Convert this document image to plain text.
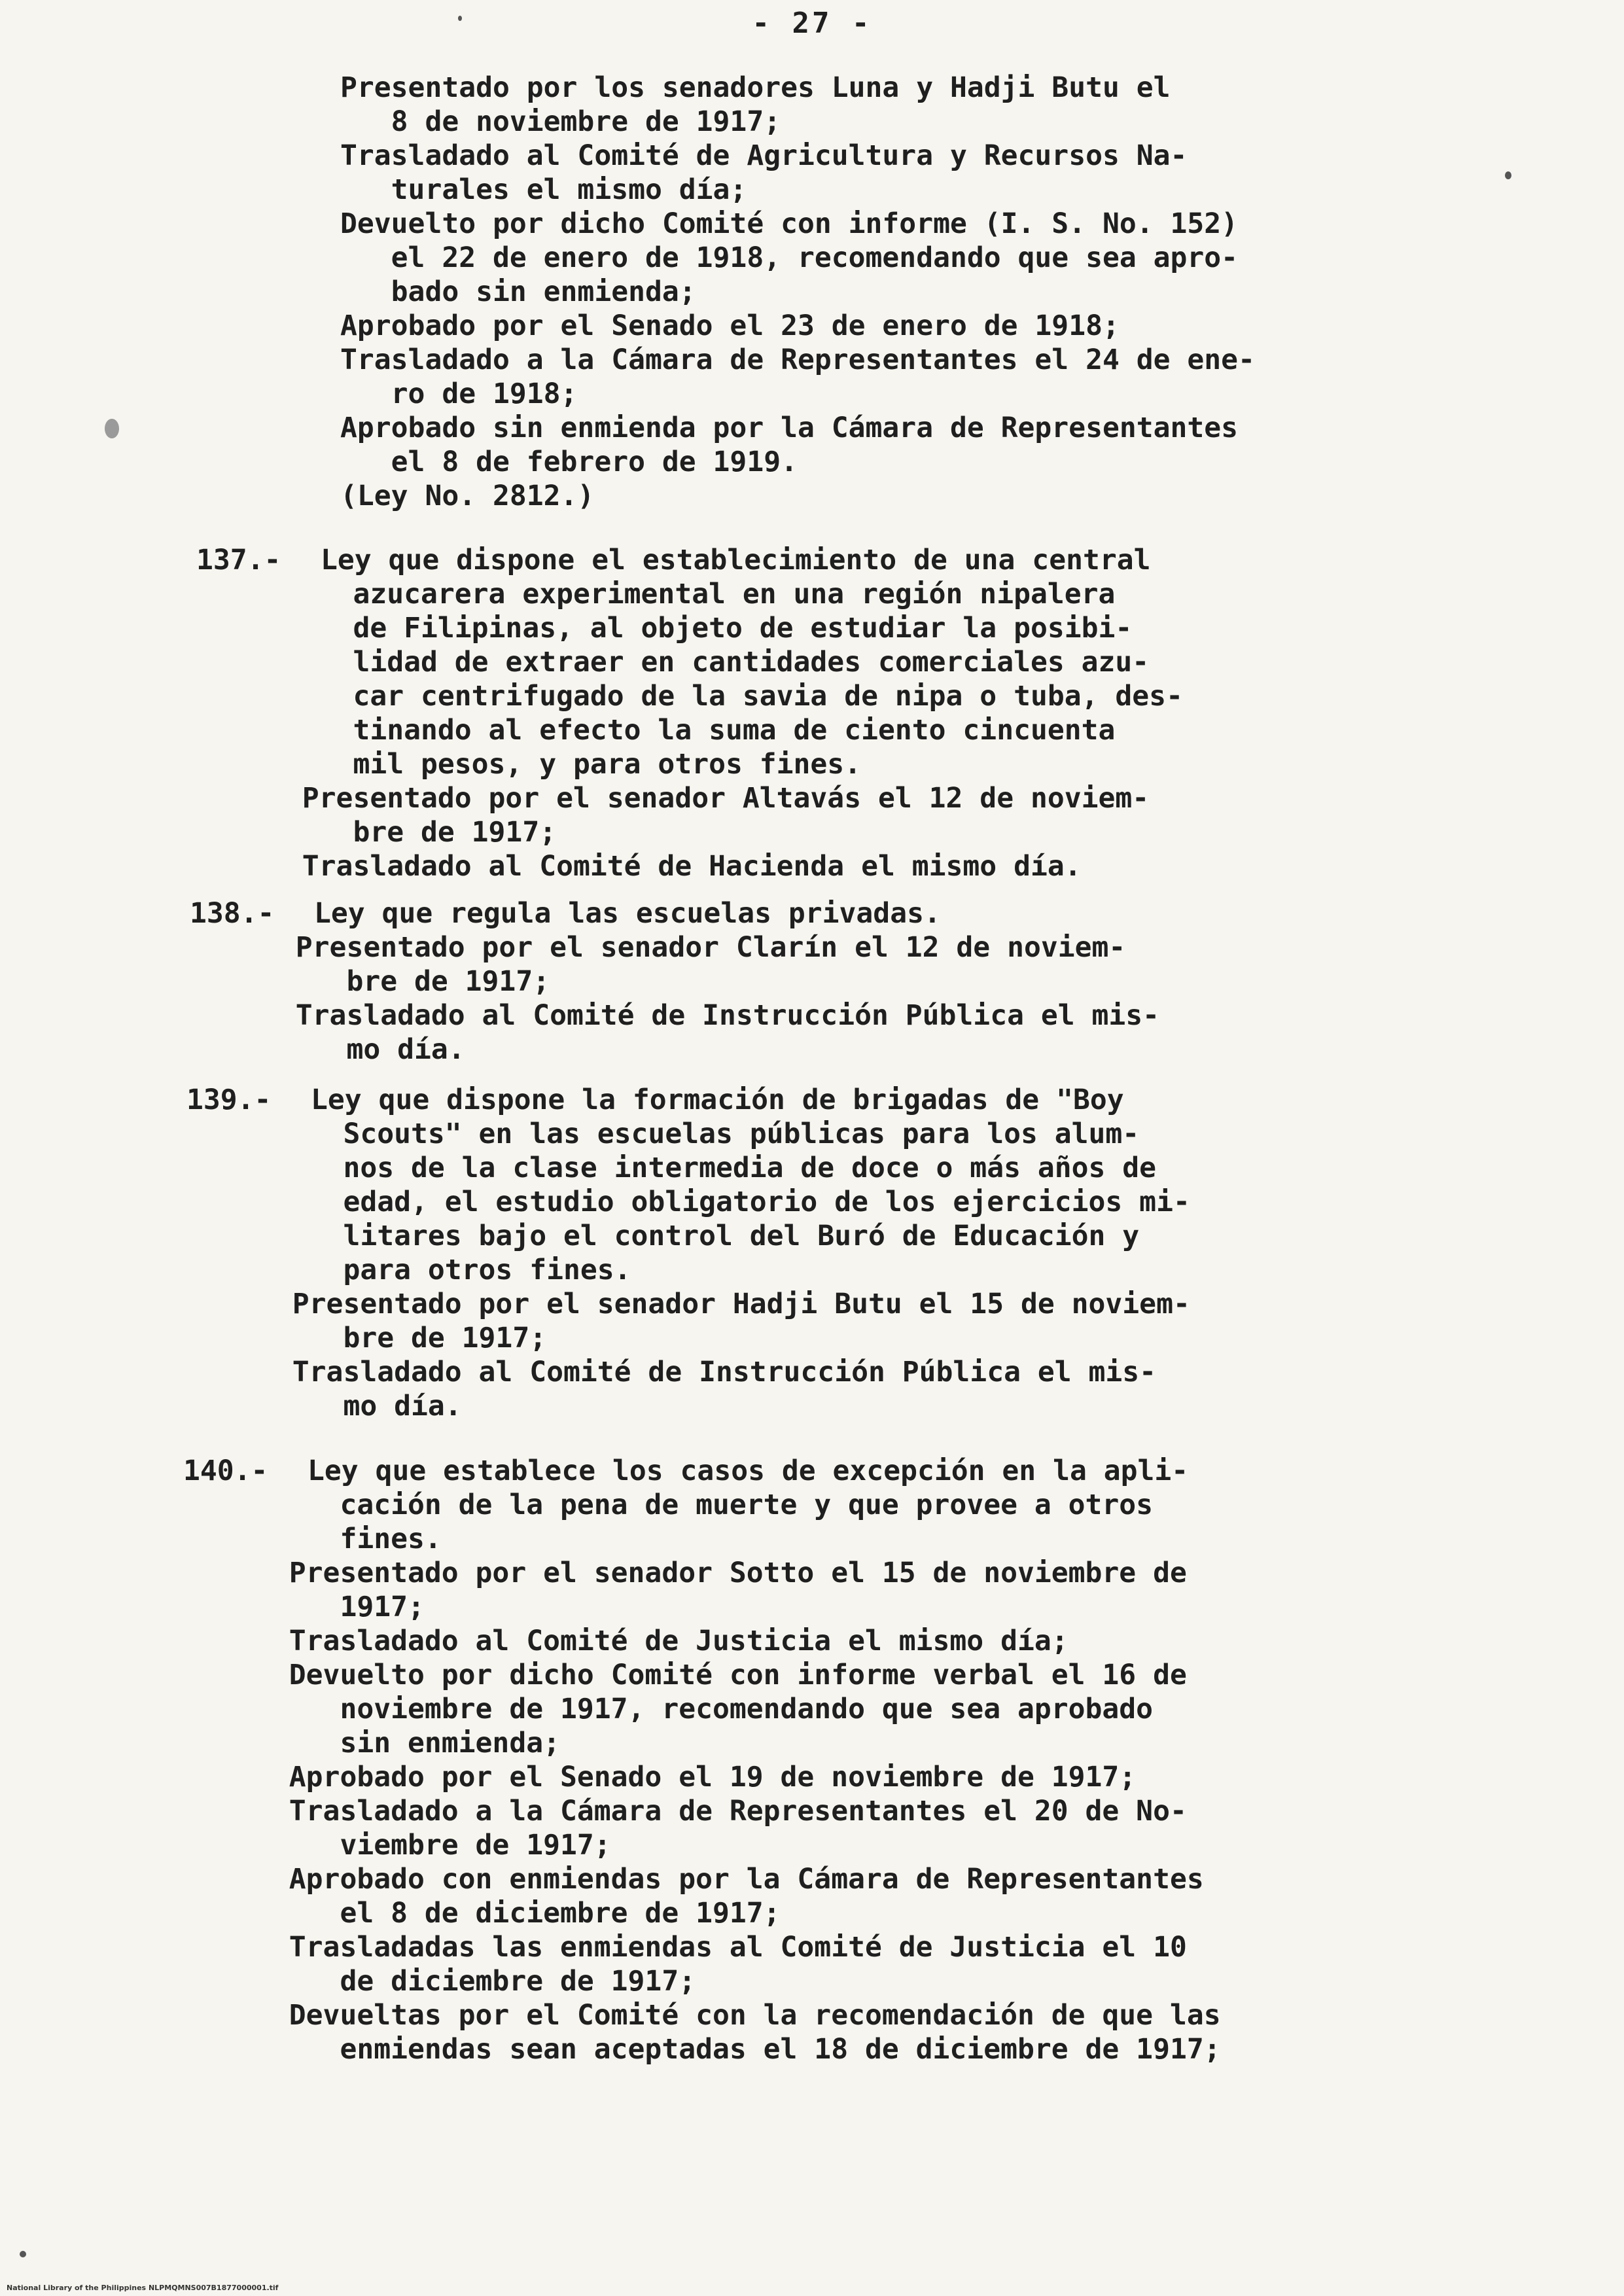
- 27 -
Presentado por los senadores Luna y Hadji Butu el
8 de noviembre de 1917;
Trasladado al Comité de Agricultura y Recursos Na-
turales el mismo día;
Devuelto por dicho Comité con informe (I. S. No. 152)
el 22 de enero de 1918, recomendando que sea apro-
bado sin enmienda;
Aprobado por el Senado el 23 de enero de 1918;
Trasladado a la Cámara de Representantes el 24 de ene-
ro de 1918;
Aprobado sin enmienda por la Cámara de Representantes
el 8 de febrero de 1919.
(Ley No. 2812.)
137.- Ley que dispone el establecimiento de una central
azucarera experimental en una región nipalera
de Filipinas, al objeto de estudiar la posibi-
lidad de extraer en cantidades comerciales azu-
car centrifugado de la savia de nipa o tuba, des-
tinando al efecto la suma de ciento cincuenta
mil pesos, y para otros fines.
Presentado por el senador Altavás el 12 de noviem-
bre de 1917;
Trasladado al Comité de Hacienda el mismo día.
138.- Ley que regula las escuelas privadas.
Presentado por el senador Clarín el 12 de noviem-
bre de 1917;
Trasladado al Comité de Instrucción Pública el mis-
mo día.
139.- Ley que dispone la formación de brigadas de "Boy
Scouts" en las escuelas públicas para los alum-
nos de la clase intermedia de doce o más años de
edad, el estudio obligatorio de los ejercicios mi-
litares bajo el control del Buró de Educación y
para otros fines.
Presentado por el senador Hadji Butu el 15 de noviem-
bre de 1917;
Trasladado al Comité de Instrucción Pública el mis-
mo día.
140.- Ley que establece los casos de excepción en la apli-
cación de la pena de muerte y que provee a otros
fines.
Presentado por el senador Sotto el 15 de noviembre de
1917;
Trasladado al Comité de Justicia el mismo día;
Devuelto por dicho Comité con informe verbal el 16 de
noviembre de 1917, recomendando que sea aprobado
sin enmienda;
Aprobado por el Senado el 19 de noviembre de 1917;
Trasladado a la Cámara de Representantes el 20 de No-
viembre de 1917;
Aprobado con enmiendas por la Cámara de Representantes
el 8 de diciembre de 1917;
Trasladadas las enmiendas al Comité de Justicia el 10
de diciembre de 1917;
Devueltas por el Comité con la recomendación de que las
enmiendas sean aceptadas el 18 de diciembre de 1917;
National Library of the Philippines NLPMQMNS007B1877000001.tif
